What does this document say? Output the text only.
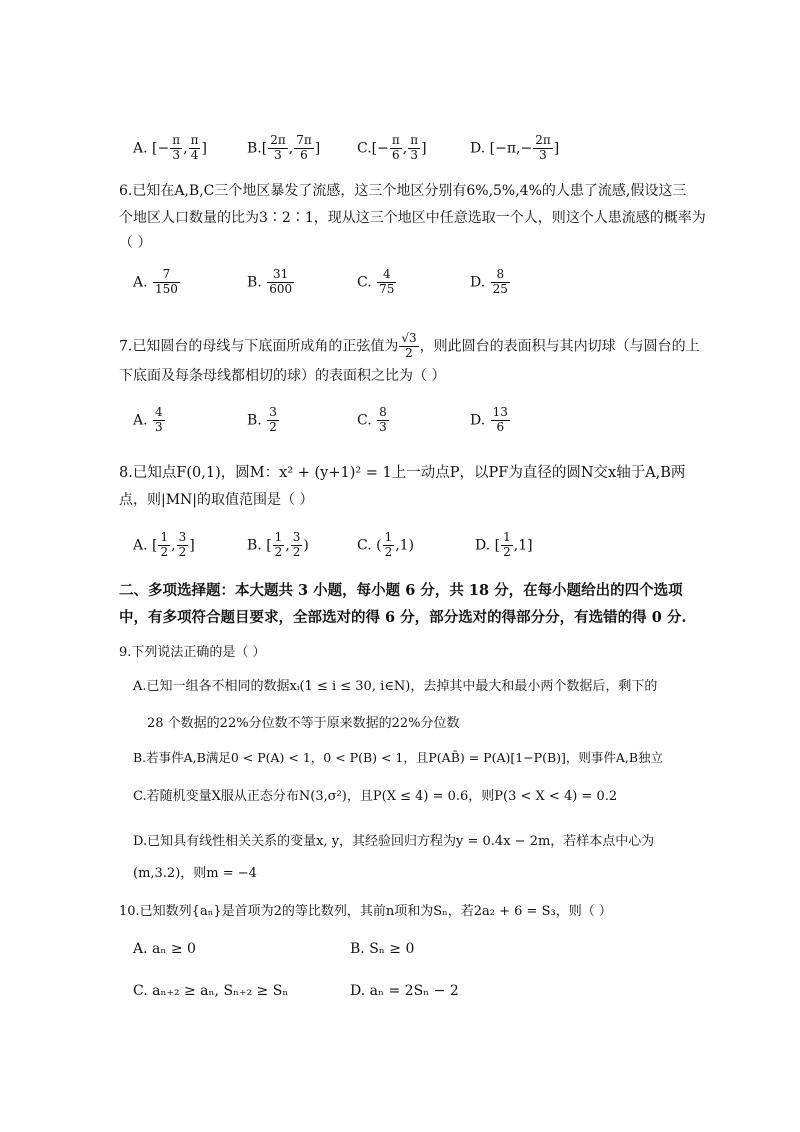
A. [− $\frac{\pi}{3}$ , $\frac{\pi}{4}$ ]	$B.[ \frac{2\pi}{3}$ , $\frac{7\pi}{6}$ ]	$C.[- \frac{\pi}{6}$ , $\frac{\pi}{3}$ ]	D. [$-\pi,- \frac{2\pi}{3}$ ]
6.已知在A,B,C三个地区暴发了流感，这三个地区分别有6%,5%,4%的人患了流感,假设这三
个地区人口数量的比为3∶2∶1，现从这三个地区中任意选取一个人，则这个人患流感的概率为
（ ）
A. $\frac{7}{150}$	B. $\frac{31}{600}$	C. $\frac{4}{75}$	D. $\frac{8}{25}$
7.已知圆台的母线与下底面所成角的正弦值为 $\frac{√3}{2}$ ，则此圆台的表面积与其内切球（与圆台的上
下底面及每条母线都相切的球）的表面积之比为（ ）
A. $\frac{4}{3}$	B. $\frac{3}{2}$	C. $\frac{8}{3}$	D. $\frac{13}{6}$
8.已知点F(0,1)，圆M：x² + (y+1)² = 1上一动点P，以PF为直径的圆N交x轴于A,B两
点，则|MN|的取值范围是（ ）
A. [ $\frac{1}{2}$ , $\frac{3}{2}$ ]	B. [ $\frac{1}{2}$ , $\frac{3}{2}$ )	C. ( $\frac{1}{2} ,1$)	D. [ $\frac{1}{2} ,1$]
二、多项选择题：本大题共 3 小题，每小题 6 分，共 18 分，在每小题给出的四个选项
中，有多项符合题目要求，全部选对的得 6 分，部分选对的得部分分，有选错的得 0 分.
9.下列说法正确的是（ ）
A.已知一组各不相同的数据xᵢ(1 ≤ i ≤ 30, i∈N)，去掉其中最大和最小两个数据后，剩下的
28 个数据的22%分位数不等于原来数据的22%分位数
B.若事件A,B满足0 < P(A) < 1，0 < P(B) < 1，且P(AB̄) = P(A)[1−P(B)]，则事件A,B独立
C.若随机变量X服从正态分布N(3,σ²)，且P(X ≤ 4) = 0.6，则P(3 < X < 4) = 0.2
D.已知具有线性相关关系的变量x, y，其经验回归方程为y = 0.4x − 2m，若样本点中心为
(m,3.2)，则m = −4
10.已知数列{aₙ}是首项为2的等比数列，其前n项和为Sₙ，若2a₂ + 6 = S₃，则（ ）
A. aₙ ≥ 0	B. Sₙ ≥ 0
C. aₙ₊₂ ≥ aₙ, Sₙ₊₂ ≥ Sₙ	D. aₙ = 2Sₙ − 2
